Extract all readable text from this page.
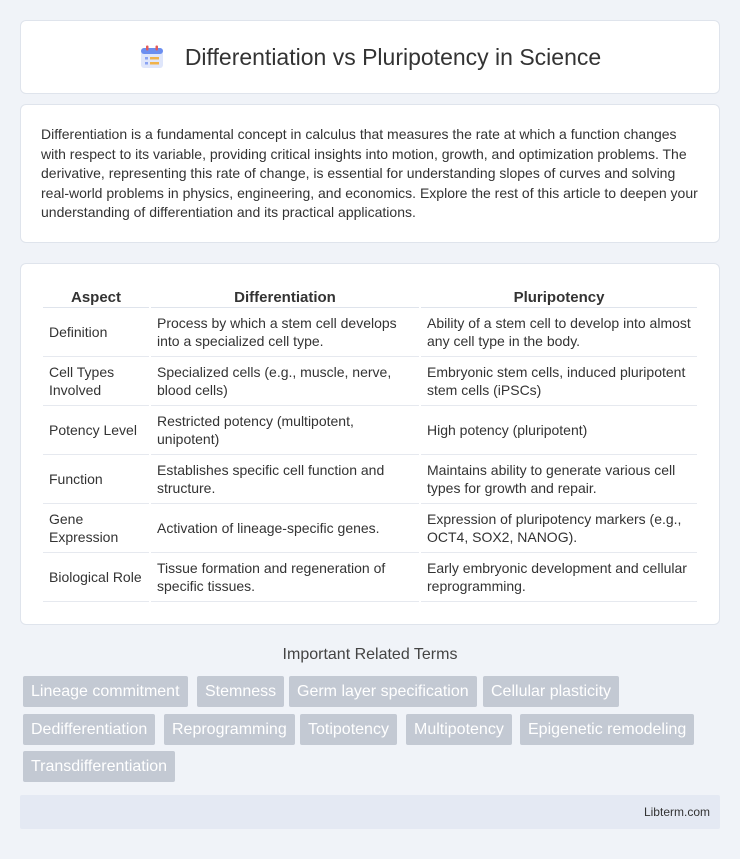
Differentiation vs Pluripotency in Science

Differentiation is a fundamental concept in calculus that measures the rate at which a function changes with respect to its variable, providing critical insights into motion, growth, and optimization problems. The derivative, representing this rate of change, is essential for understanding slopes of curves and solving real-world problems in physics, engineering, and economics. Explore the rest of this article to deepen your understanding of differentiation and its practical applications.

Aspect	Differentiation	Pluripotency
Definition	Process by which a stem cell develops into a specialized cell type.	Ability of a stem cell to develop into almost any cell type in the body.
Cell Types Involved	Specialized cells (e.g., muscle, nerve, blood cells)	Embryonic stem cells, induced pluripotent stem cells (iPSCs)
Potency Level	Restricted potency (multipotent, unipotent)	High potency (pluripotent)
Function	Establishes specific cell function and structure.	Maintains ability to generate various cell types for growth and repair.
Gene Expression	Activation of lineage-specific genes.	Expression of pluripotency markers (e.g., OCT4, SOX2, NANOG).
Biological Role	Tissue formation and regeneration of specific tissues.	Early embryonic development and cellular reprogramming.
Important Related Terms
Lineage commitment	Stemness	Germ layer specification	Cellular plasticity
Dedifferentiation	Reprogramming	Totipotency	Multipotency	Epigenetic remodeling
Transdifferentiation
Libterm.com
